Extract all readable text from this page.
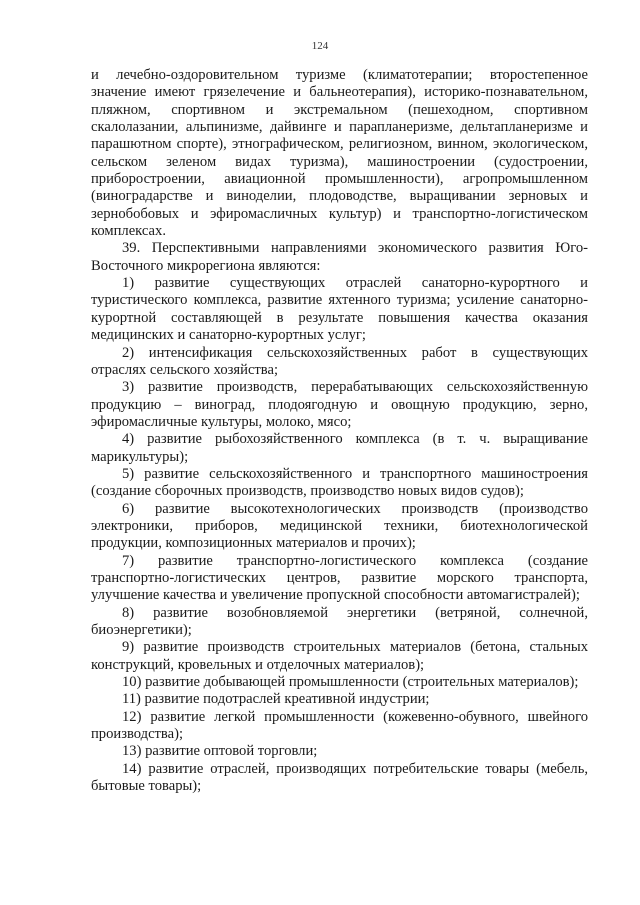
124

и лечебно-оздоровительном туризме (климатотерапии; второстепенное значение имеют грязелечение и бальнеотерапия), историко-познавательном, пляжном, спортивном и экстремальном (пешеходном, спортивном скалолазании, альпинизме, дайвинге и парапланеризме, дельтапланеризме и парашютном спорте), этнографическом, религиозном, винном, экологическом, сельском зеленом видах туризма), машиностроении (судостроении, приборостроении, авиационной промышленности), агропромышленном (виноградарстве и виноделии, плодоводстве, выращивании зерновых и зернобобовых и эфиромасличных культур) и транспортно-логистическом комплексах.

39. Перспективными направлениями экономического развития Юго-Восточного микрорегиона являются:

1) развитие существующих отраслей санаторно-курортного и туристического комплекса, развитие яхтенного туризма; усиление санаторно-курортной составляющей в результате повышения качества оказания медицинских и санаторно-курортных услуг;

2) интенсификация сельскохозяйственных работ в существующих отраслях сельского хозяйства;

3) развитие производств, перерабатывающих сельскохозяйственную продукцию – виноград, плодоягодную и овощную продукцию, зерно, эфиромасличные культуры, молоко, мясо;

4) развитие рыбохозяйственного комплекса (в т. ч. выращивание марикультуры);

5) развитие сельскохозяйственного и транспортного машиностроения (создание сборочных производств, производство новых видов судов);

6) развитие высокотехнологических производств (производство электроники, приборов, медицинской техники, биотехнологической продукции, композиционных материалов и прочих);

7) развитие транспортно-логистического комплекса (создание транспортно-логистических центров, развитие морского транспорта, улучшение качества и увеличение пропускной способности автомагистралей);

8) развитие возобновляемой энергетики (ветряной, солнечной, биоэнергетики);

9) развитие производств строительных материалов (бетона, стальных конструкций, кровельных и отделочных материалов);

10) развитие добывающей промышленности (строительных материалов);

11) развитие подотраслей креативной индустрии;

12) развитие легкой промышленности (кожевенно-обувного, швейного производства);

13) развитие оптовой торговли;

14) развитие отраслей, производящих потребительские товары (мебель, бытовые товары);
